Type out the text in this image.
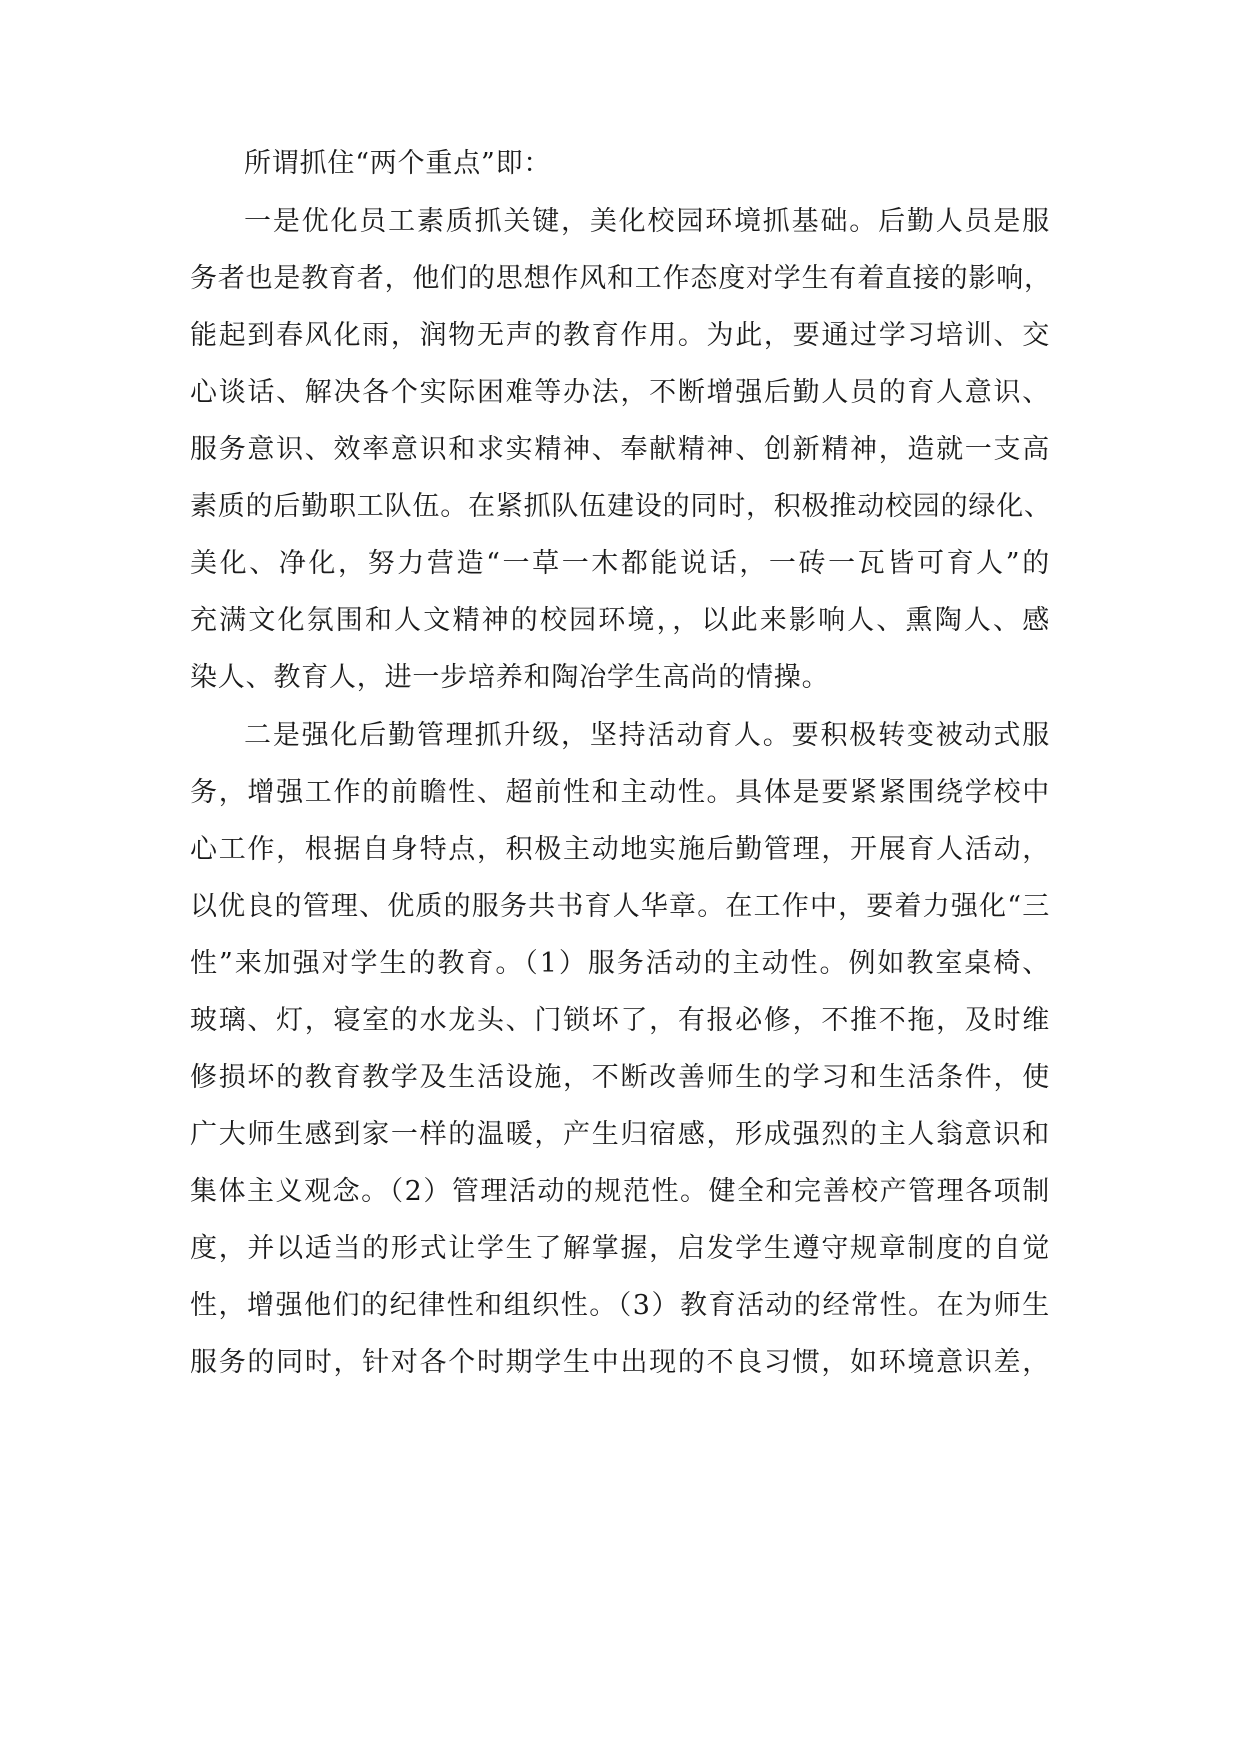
所谓抓住“两个重点”即：
一是优化员工素质抓关键，美化校园环境抓基础。后勤人员是服
务者也是教育者，他们的思想作风和工作态度对学生有着直接的影响，
能起到春风化雨，润物无声的教育作用。为此，要通过学习培训、交
心谈话、解决各个实际困难等办法，不断增强后勤人员的育人意识、
服务意识、效率意识和求实精神、奉献精神、创新精神，造就一支高
素质的后勤职工队伍。在紧抓队伍建设的同时，积极推动校园的绿化、
美化、净化，努力营造“一草一木都能说话，一砖一瓦皆可育人”的
充满文化氛围和人文精神的校园环境，，以此来影响人、熏陶人、感
染人、教育人，进一步培养和陶冶学生高尚的情操。
二是强化后勤管理抓升级，坚持活动育人。要积极转变被动式服
务，增强工作的前瞻性、超前性和主动性。具体是要紧紧围绕学校中
心工作，根据自身特点，积极主动地实施后勤管理，开展育人活动，
以优良的管理、优质的服务共书育人华章。在工作中，要着力强化“三
性”来加强对学生的教育。（1）服务活动的主动性。例如教室桌椅、
玻璃、灯，寝室的水龙头、门锁坏了，有报必修，不推不拖，及时维
修损坏的教育教学及生活设施，不断改善师生的学习和生活条件，使
广大师生感到家一样的温暖，产生归宿感，形成强烈的主人翁意识和
集体主义观念。（2）管理活动的规范性。健全和完善校产管理各项制
度，并以适当的形式让学生了解掌握，启发学生遵守规章制度的自觉
性，增强他们的纪律性和组织性。（3）教育活动的经常性。在为师生
服务的同时，针对各个时期学生中出现的不良习惯，如环境意识差，
